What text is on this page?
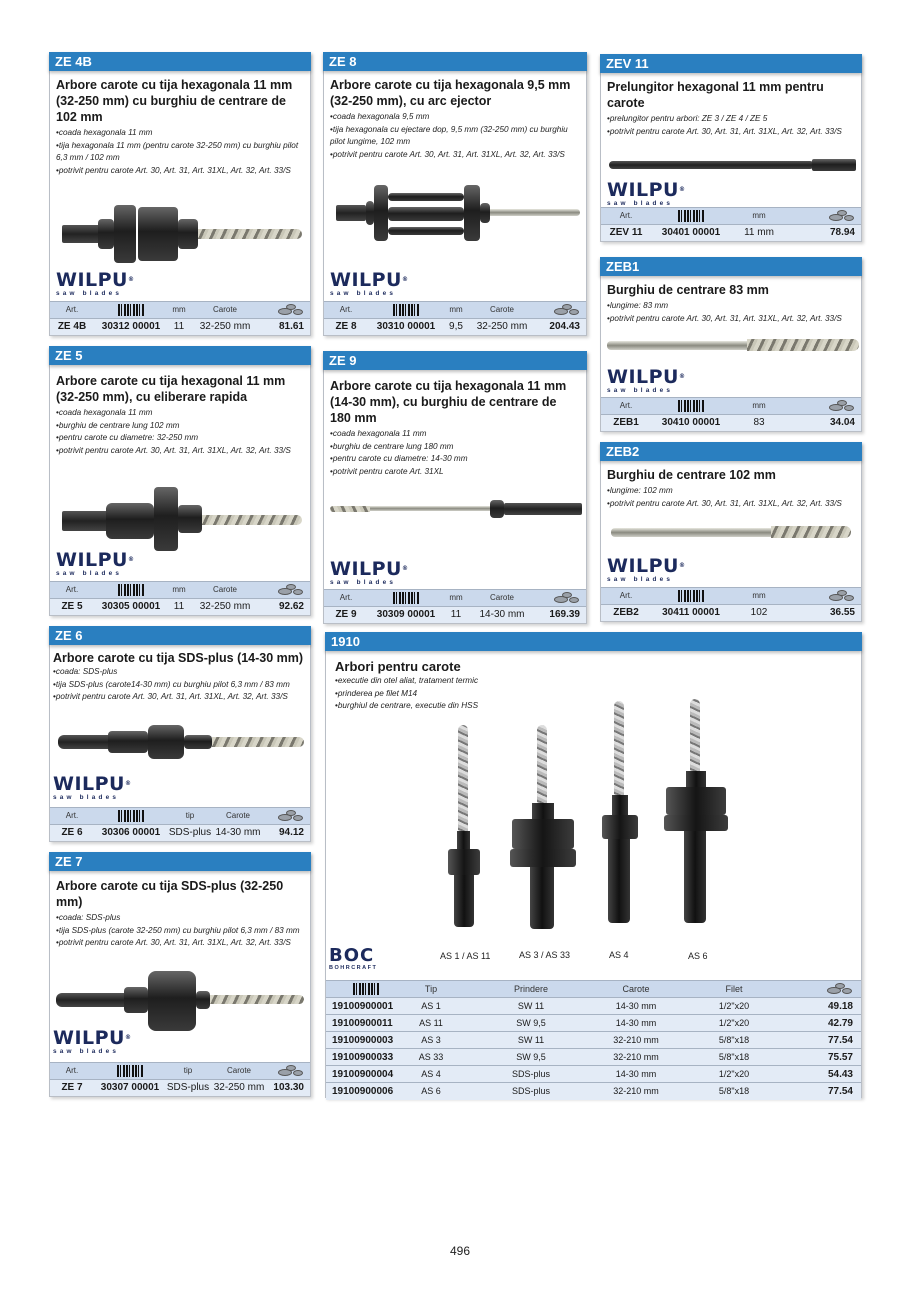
ZE 4B
Arbore carote cu tija hexagonala 11 mm (32-250 mm) cu burghiu de centrare de 102 mm
• coada hexagonala 11 mm
• tija hexagonala 11 mm (pentru carote 32-250 mm) cu burghiu pilot 6,3 mm / 102 mm
• potrivit pentru carote Art. 30, Art. 31, Art. 31XL, Art. 32, Art. 33/S
WILPU®
saw blades
Art.		mm	Carote	

ZE 4B	30312 00001	11	32-250 mm	81.61
ZE 8
Arbore carote cu tija hexagonala 9,5 mm (32-250 mm), cu arc ejector
• coada hexagonala 9,5 mm
• tija hexagonala cu ejectare dop, 9,5 mm (32-250 mm) cu burghiu pilot lungime, 102 mm
• potrivit pentru carote Art. 30, Art. 31, Art. 31XL, Art. 32, Art. 33/S
WILPU®
saw blades
Art.		mm	Carote	

ZE 8	30310 00001	9,5	32-250 mm	204.43
ZEV 11
Prelungitor hexagonal 11 mm pentru carote
• prelungitor pentru arbori: ZE 3 / ZE 4 / ZE 5
• potrivit pentru carote Art. 30, Art. 31, Art. 31XL, Art. 32, Art. 33/S
WILPU®
saw blades
Art.		mm	

ZEV 11	30401 00001	11 mm	78.94
ZEB1
Burghiu de centrare 83 mm
• lungime: 83 mm
• potrivit pentru carote Art. 30, Art. 31, Art. 31XL, Art. 32, Art. 33/S
WILPU®
saw blades
Art.		mm	

ZEB1	30410 00001	83	34.04
ZEB2
Burghiu de centrare 102 mm
• lungime: 102 mm
• potrivit pentru carote Art. 30, Art. 31, Art. 31XL, Art. 32, Art. 33/S
WILPU®
saw blades
Art.		mm	

ZEB2	30411 00001	102	36.55
ZE 5
Arbore carote cu tija hexagonal 11 mm (32-250 mm), cu eliberare rapida
• coada hexagonala 11 mm
• burghiu de centrare lung 102 mm
• pentru carote cu diametre: 32-250 mm
• potrivit pentru carote Art. 30, Art. 31, Art. 31XL, Art. 32, Art. 33/S
WILPU®
saw blades
Art.		mm	Carote	

ZE 5	30305 00001	11	32-250 mm	92.62
ZE 9
Arbore carote cu tija hexagonala 11 mm (14-30 mm), cu burghiu de centrare de 180 mm
• coada hexagonala 11 mm
• burghiu de centrare lung 180 mm
• pentru carote cu diametre: 14-30 mm
• potrivit pentru carote Art. 31XL
WILPU®
saw blades
Art.		mm	Carote	

ZE 9	30309 00001	11	14-30 mm	169.39
ZE 6
Arbore carote cu tija SDS-plus (14-30 mm)
• coada: SDS-plus
• tija SDS-plus (carote14-30 mm) cu burghiu pilot 6,3 mm / 83 mm
• potrivit pentru carote Art. 30, Art. 31, Art. 31XL, Art. 32, Art. 33/S
WILPU®
saw blades
Art.		tip	Carote	

ZE 6	30306 00001	SDS-plus	14-30 mm	94.12
ZE 7
Arbore carote cu tija SDS-plus (32-250 mm)
• coada: SDS-plus
• tija SDS-plus (carote 32-250 mm) cu burghiu pilot 6,3 mm / 83 mm
• potrivit pentru carote Art. 30, Art. 31, Art. 31XL, Art. 32, Art. 33/S
WILPU®
saw blades
Art.		tip	Carote	

ZE 7	30307 00001	SDS-plus	32-250 mm	103.30
1910
Arbori pentru carote
• executie din otel aliat, tratament termic
• prinderea pe filet M14
• burghiul de centrare, executie din HSS
BOC
BOHRCRAFT
AS 1 / AS 11	AS 3 / AS 33	AS 4	AS 6
	Tip	Prindere	Carote	Filet	

19100900001	AS 1	SW 11	14-30 mm	1/2"x20	49.18
19100900011	AS 11	SW 9,5	14-30 mm	1/2"x20	42.79
19100900003	AS 3	SW 11	32-210 mm	5/8"x18	77.54
19100900033	AS 33	SW 9,5	32-210 mm	5/8"x18	75.57
19100900004	AS 4	SDS-plus	14-30 mm	1/2"x20	54.43
19100900006	AS 6	SDS-plus	32-210 mm	5/8"x18	77.54
496
